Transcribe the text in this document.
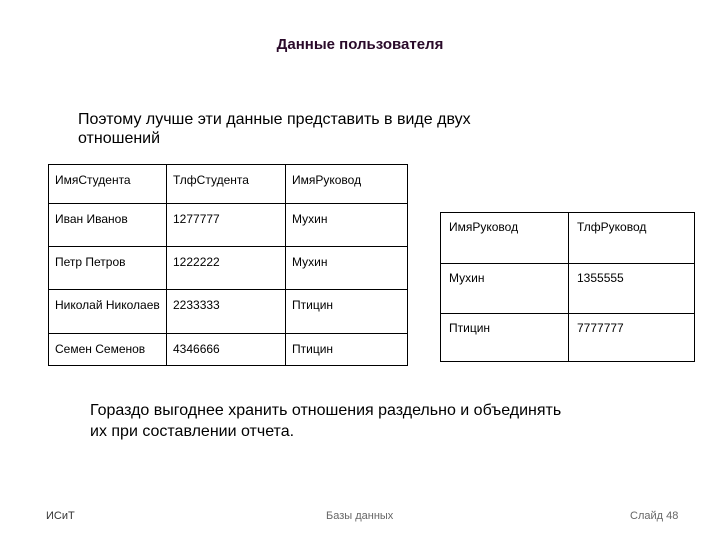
Данные пользователя
Поэтому лучше эти данные представить в виде двух отношений
ИмяСтудента	ТлфСтудента	ИмяРуковод

Иван Иванов	1277777	Мухин

Петр Петров	1222222	Мухин

Николай Николаев	2233333	Птицин

Семен Семенов	4346666	Птицин
ИмяРуковод	ТлфРуковод

Мухин	1355555

Птицин	7777777
Гораздо выгоднее хранить отношения раздельно и объединять их при составлении отчета.
ИСиТ	Базы данных	Слайд 48
